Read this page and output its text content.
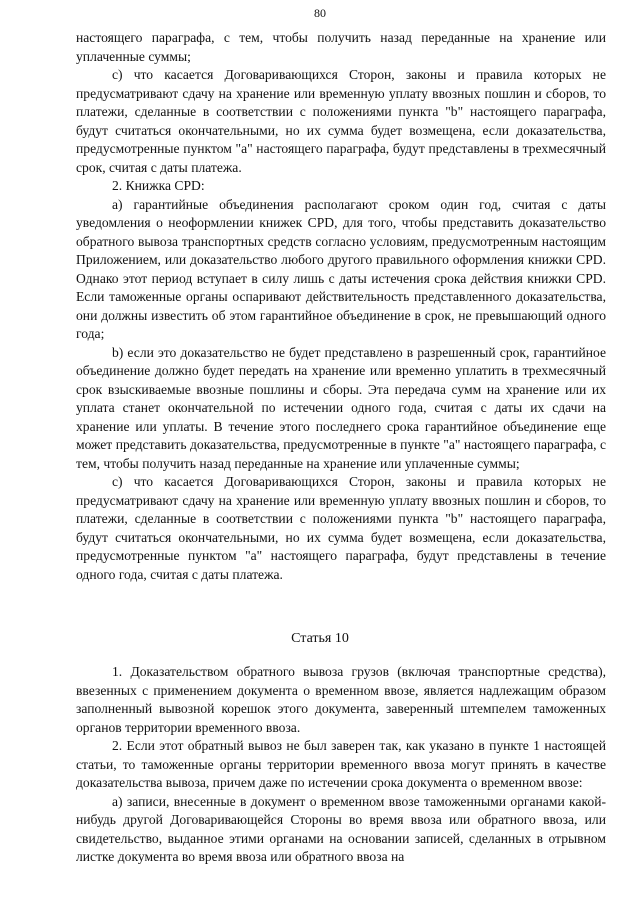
80

настоящего параграфа, с тем, чтобы получить назад переданные на хранение или уплаченные суммы;

c) что касается Договаривающихся Сторон, законы и правила которых не предусматривают сдачу на хранение или временную уплату ввозных пошлин и сборов, то платежи, сделанные в соответствии с положениями пункта "b" настоящего параграфа, будут считаться окончательными, но их сумма будет возмещена, если доказательства, предусмотренные пунктом "a" настоящего параграфа, будут представлены в трехмесячный срок, считая с даты платежа.

2. Книжка CPD:

a) гарантийные объединения располагают сроком один год, считая с даты уведомления о неоформлении книжек CPD, для того, чтобы представить доказательство обратного вывоза транспортных средств согласно условиям, предусмотренным настоящим Приложением, или доказательство любого другого правильного оформления книжки CPD. Однако этот период вступает в силу лишь с даты истечения срока действия книжки CPD. Если таможенные органы оспаривают действительность представленного доказательства, они должны известить об этом гарантийное объединение в срок, не превышающий одного года;

b) если это доказательство не будет представлено в разрешенный срок, гарантийное объединение должно будет передать на хранение или временно уплатить в трехмесячный срок взыскиваемые ввозные пошлины и сборы. Эта передача сумм на хранение или их уплата станет окончательной по истечении одного года, считая с даты их сдачи на хранение или уплаты. В течение этого последнего срока гарантийное объединение еще может представить доказательства, предусмотренные в пункте "a" настоящего параграфа, с тем, чтобы получить назад переданные на хранение или уплаченные суммы;

c) что касается Договаривающихся Сторон, законы и правила которых не предусматривают сдачу на хранение или временную уплату ввозных пошлин и сборов, то платежи, сделанные в соответствии с положениями пункта "b" настоящего параграфа, будут считаться окончательными, но их сумма будет возмещена, если доказательства, предусмотренные пунктом "a" настоящего параграфа, будут представлены в течение одного года, считая с даты платежа.

Статья 10

1. Доказательством обратного вывоза грузов (включая транспортные средства), ввезенных с применением документа о временном ввозе, является надлежащим образом заполненный вывозной корешок этого документа, заверенный штемпелем таможенных органов территории временного ввоза.

2. Если этот обратный вывоз не был заверен так, как указано в пункте 1 настоящей статьи, то таможенные органы территории временного ввоза могут принять в качестве доказательства вывоза, причем даже по истечении срока документа о временном ввозе:

a) записи, внесенные в документ о временном ввозе таможенными органами какой-нибудь другой Договаривающейся Стороны во время ввоза или обратного ввоза, или свидетельство, выданное этими органами на основании записей, сделанных в отрывном листке документа во время ввоза или обратного ввоза на
